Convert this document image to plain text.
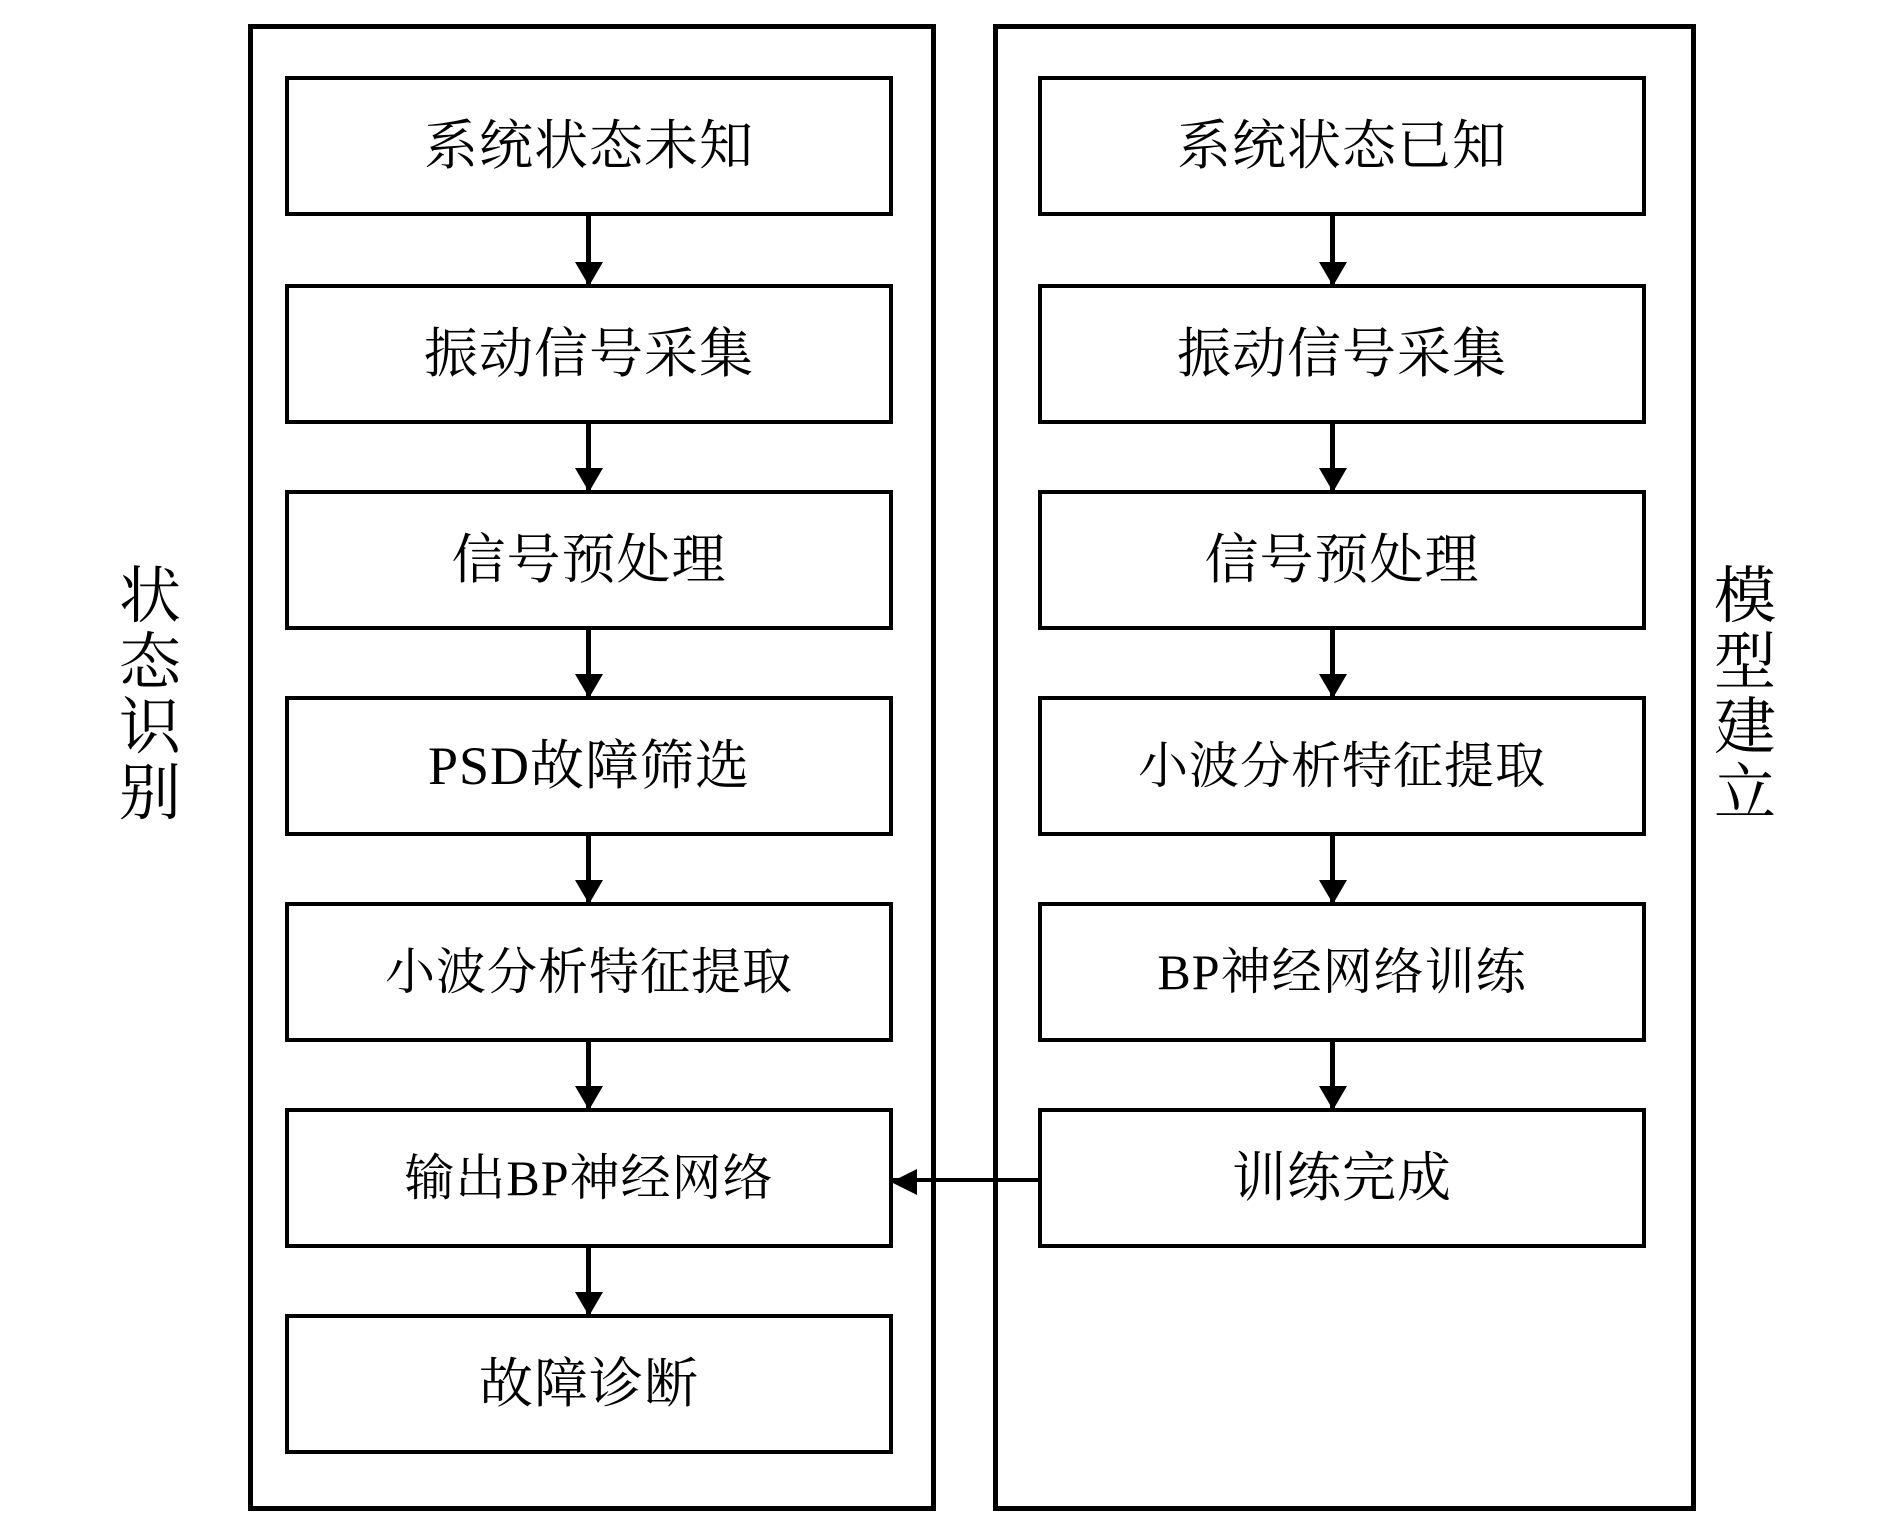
状
态
识
别
模
型
建
立
系统状态未知
振动信号采集
信号预处理
PSD故障筛选
小波分析特征提取
输出BP神经网络
故障诊断
系统状态已知
振动信号采集
信号预处理
小波分析特征提取
BP神经网络训练
训练完成
